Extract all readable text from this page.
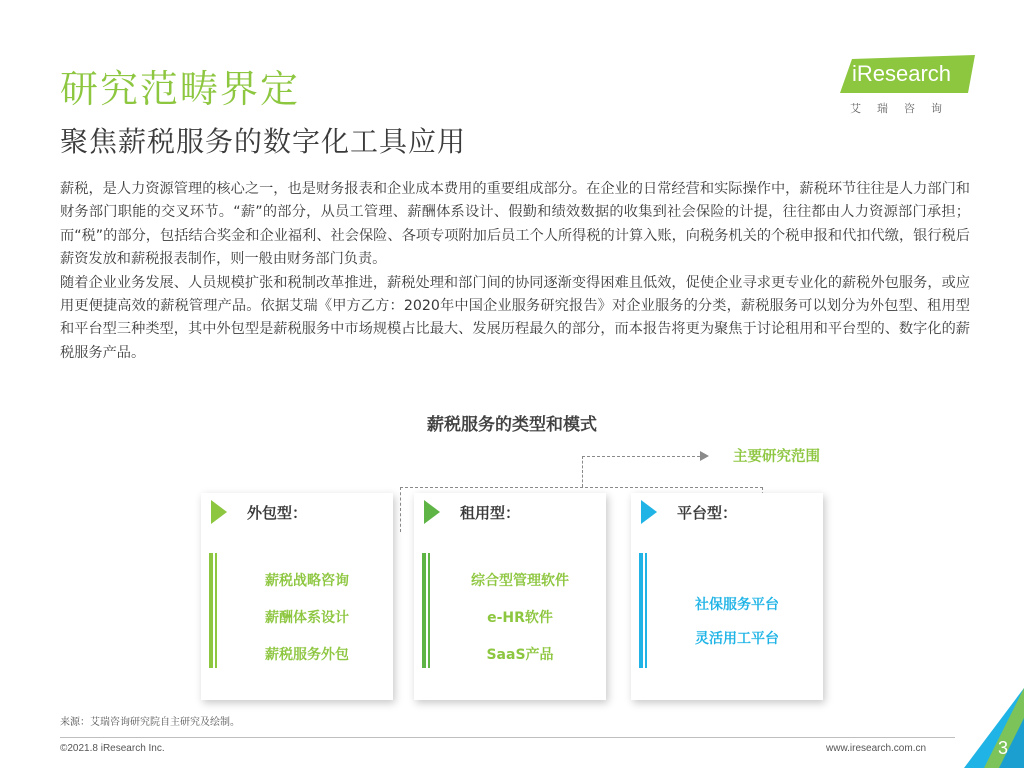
研究范畴界定
聚焦薪税服务的数字化工具应用
iResearch
艾瑞咨询

薪税，是人力资源管理的核心之一，也是财务报表和企业成本费用的重要组成部分。在企业的日常经营和实际操作中，薪税环节往往是人力部门和财务部门职能的交叉环节。“薪”的部分，从员工管理、薪酬体系设计、假勤和绩效数据的收集到社会保险的计提，往往都由人力资源部门承担；而“税”的部分，包括结合奖金和企业福利、社会保险、各项专项附加后员工个人所得税的计算入账，向税务机关的个税申报和代扣代缴，银行税后薪资发放和薪税报表制作，则一般由财务部门负责。

随着企业业务发展、人员规模扩张和税制改革推进，薪税处理和部门间的协同逐渐变得困难且低效，促使企业寻求更专业化的薪税外包服务，或应用更便捷高效的薪税管理产品。依据艾瑞《甲方乙方：2020年中国企业服务研究报告》对企业服务的分类，薪税服务可以划分为外包型、租用型和平台型三种类型，其中外包型是薪税服务中市场规模占比最大、发展历程最久的部分，而本报告将更为聚焦于讨论租用和平台型的、数字化的薪税服务产品。

薪税服务的类型和模式
主要研究范围
外包型：
薪税战略咨询
薪酬体系设计
薪税服务外包
租用型：
综合型管理软件
e-HR软件
SaaS产品
平台型：
社保服务平台
灵活用工平台
来源：艾瑞咨询研究院自主研究及绘制。
©2021.8 iResearch Inc.	www.iresearch.com.cn	3
